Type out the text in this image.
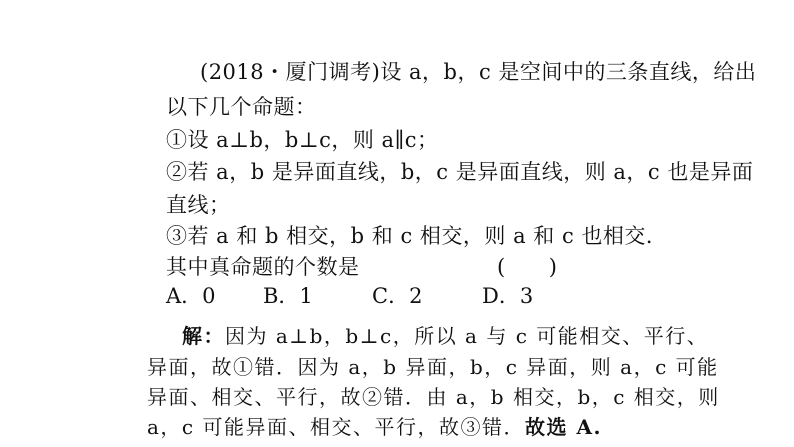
(2018・厦门调考)设 a，b，c 是空间中的三条直线，给出
以下几个命题：
①设 a⊥b，b⊥c，则 a∥c；
②若 a，b 是异面直线，b，c 是异面直线，则 a，c 也是异面
直线；
③若 a 和 b 相交，b 和 c 相交，则 a 和 c 也相交．
其中真命题的个数是	(　　)
A．0 B．1	C．2	D．3
解：因为 a⊥b，b⊥c，所以 a 与 c 可能相交、平行、
异面，故①错．因为 a，b 异面，b，c 异面，则 a，c 可能
异面、相交、平行，故②错．由 a，b 相交，b，c 相交，则
a，c 可能异面、相交、平行，故③错．故选 A.
